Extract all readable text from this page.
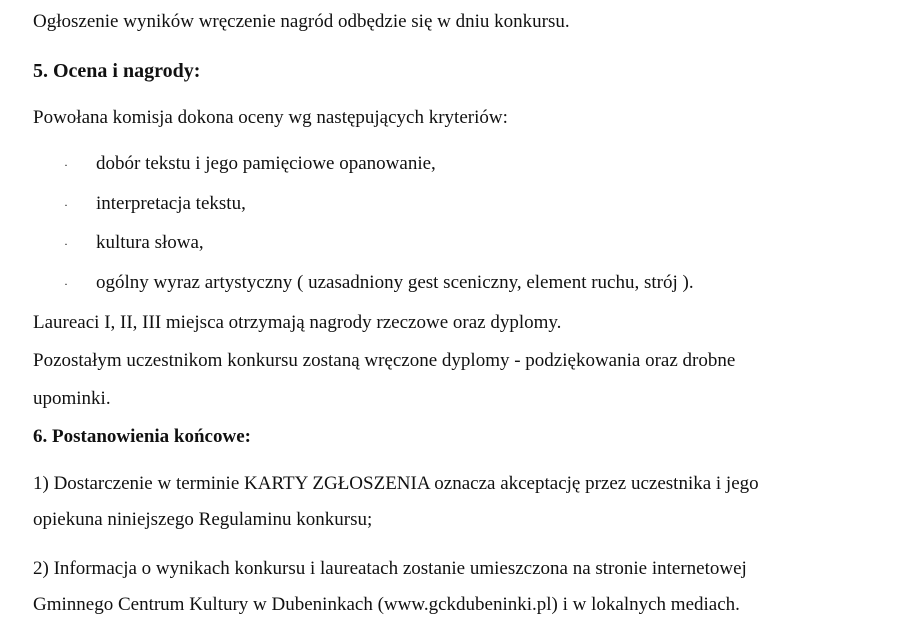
Ogłoszenie wyników wręczenie nagród odbędzie się w dniu konkursu.

5. Ocena i nagrody:

Powołana komisja dokona oceny wg następujących kryteriów:

·	dobór tekstu i jego pamięciowe opanowanie,
·	interpretacja tekstu,
·	kultura słowa,
·	ogólny wyraz artystyczny ( uzasadniony gest sceniczny, element ruchu, strój ).

Laureaci I, II, III miejsca otrzymają nagrody rzeczowe oraz dyplomy.

Pozostałym uczestnikom konkursu zostaną wręczone dyplomy - podziękowania oraz drobne

upominki.

6. Postanowienia końcowe:

1) Dostarczenie w terminie KARTY ZGŁOSZENIA oznacza akceptację przez uczestnika i jego

opiekuna niniejszego Regulaminu konkursu;

2) Informacja o wynikach konkursu i laureatach zostanie umieszczona na stronie internetowej

Gminnego Centrum Kultury w Dubeninkach (www.gckdubeninki.pl) i w lokalnych mediach.
